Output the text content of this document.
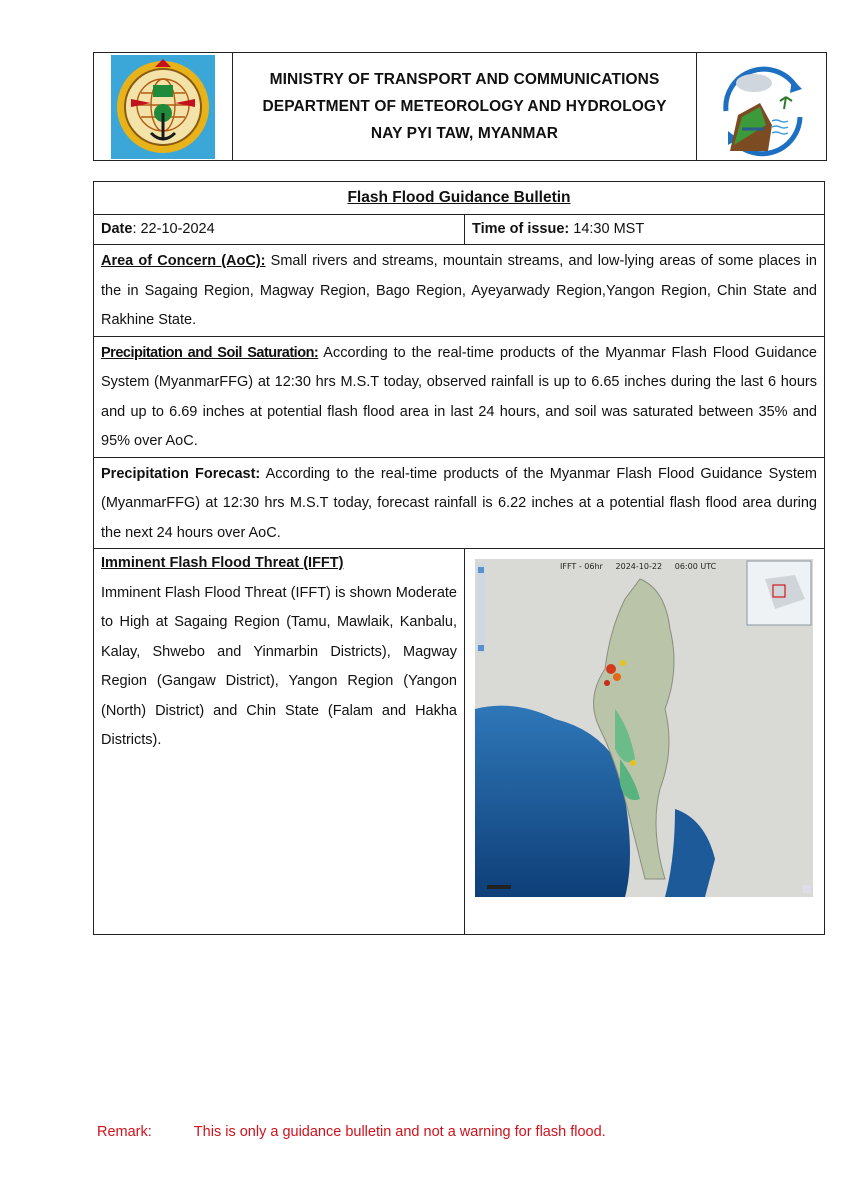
MINISTRY OF TRANSPORT AND COMMUNICATIONS
DEPARTMENT OF METEOROLOGY AND HYDROLOGY
NAY PYI TAW, MYANMAR
Flash Flood Guidance Bulletin
Date: 22-10-2024	Time of issue: 14:30 MST
Area of Concern (AoC): Small rivers and streams, mountain streams, and low-lying areas of some places in the in Sagaing Region, Magway Region, Bago Region, Ayeyarwady Region,Yangon Region, Chin State and Rakhine State.
Precipitation and Soil Saturation: According to the real-time products of the Myanmar Flash Flood Guidance System (MyanmarFFG) at 12:30 hrs M.S.T today, observed rainfall is up to 6.65 inches during the last 6 hours and up to 6.69 inches at potential flash flood area in last 24 hours, and soil was saturated between 35% and 95% over AoC.
Precipitation Forecast: According to the real-time products of the Myanmar Flash Flood Guidance System (MyanmarFFG) at 12:30 hrs M.S.T today, forecast rainfall is 6.22 inches at a potential flash flood area during the next 24 hours over AoC.
Imminent Flash Flood Threat (IFFT)
Imminent Flash Flood Threat (IFFT) is shown Moderate to High at Sagaing Region (Tamu, Mawlaik, Kanbalu, Kalay, Shwebo and Yinmarbin Districts), Magway Region (Gangaw District), Yangon Region (Yangon (North) District) and Chin State (Falam and Hakha Districts).
IFFT - 06hr     2024-10-22     06:00 UTC
Remark:	This is only a guidance bulletin and not a warning for flash flood.
